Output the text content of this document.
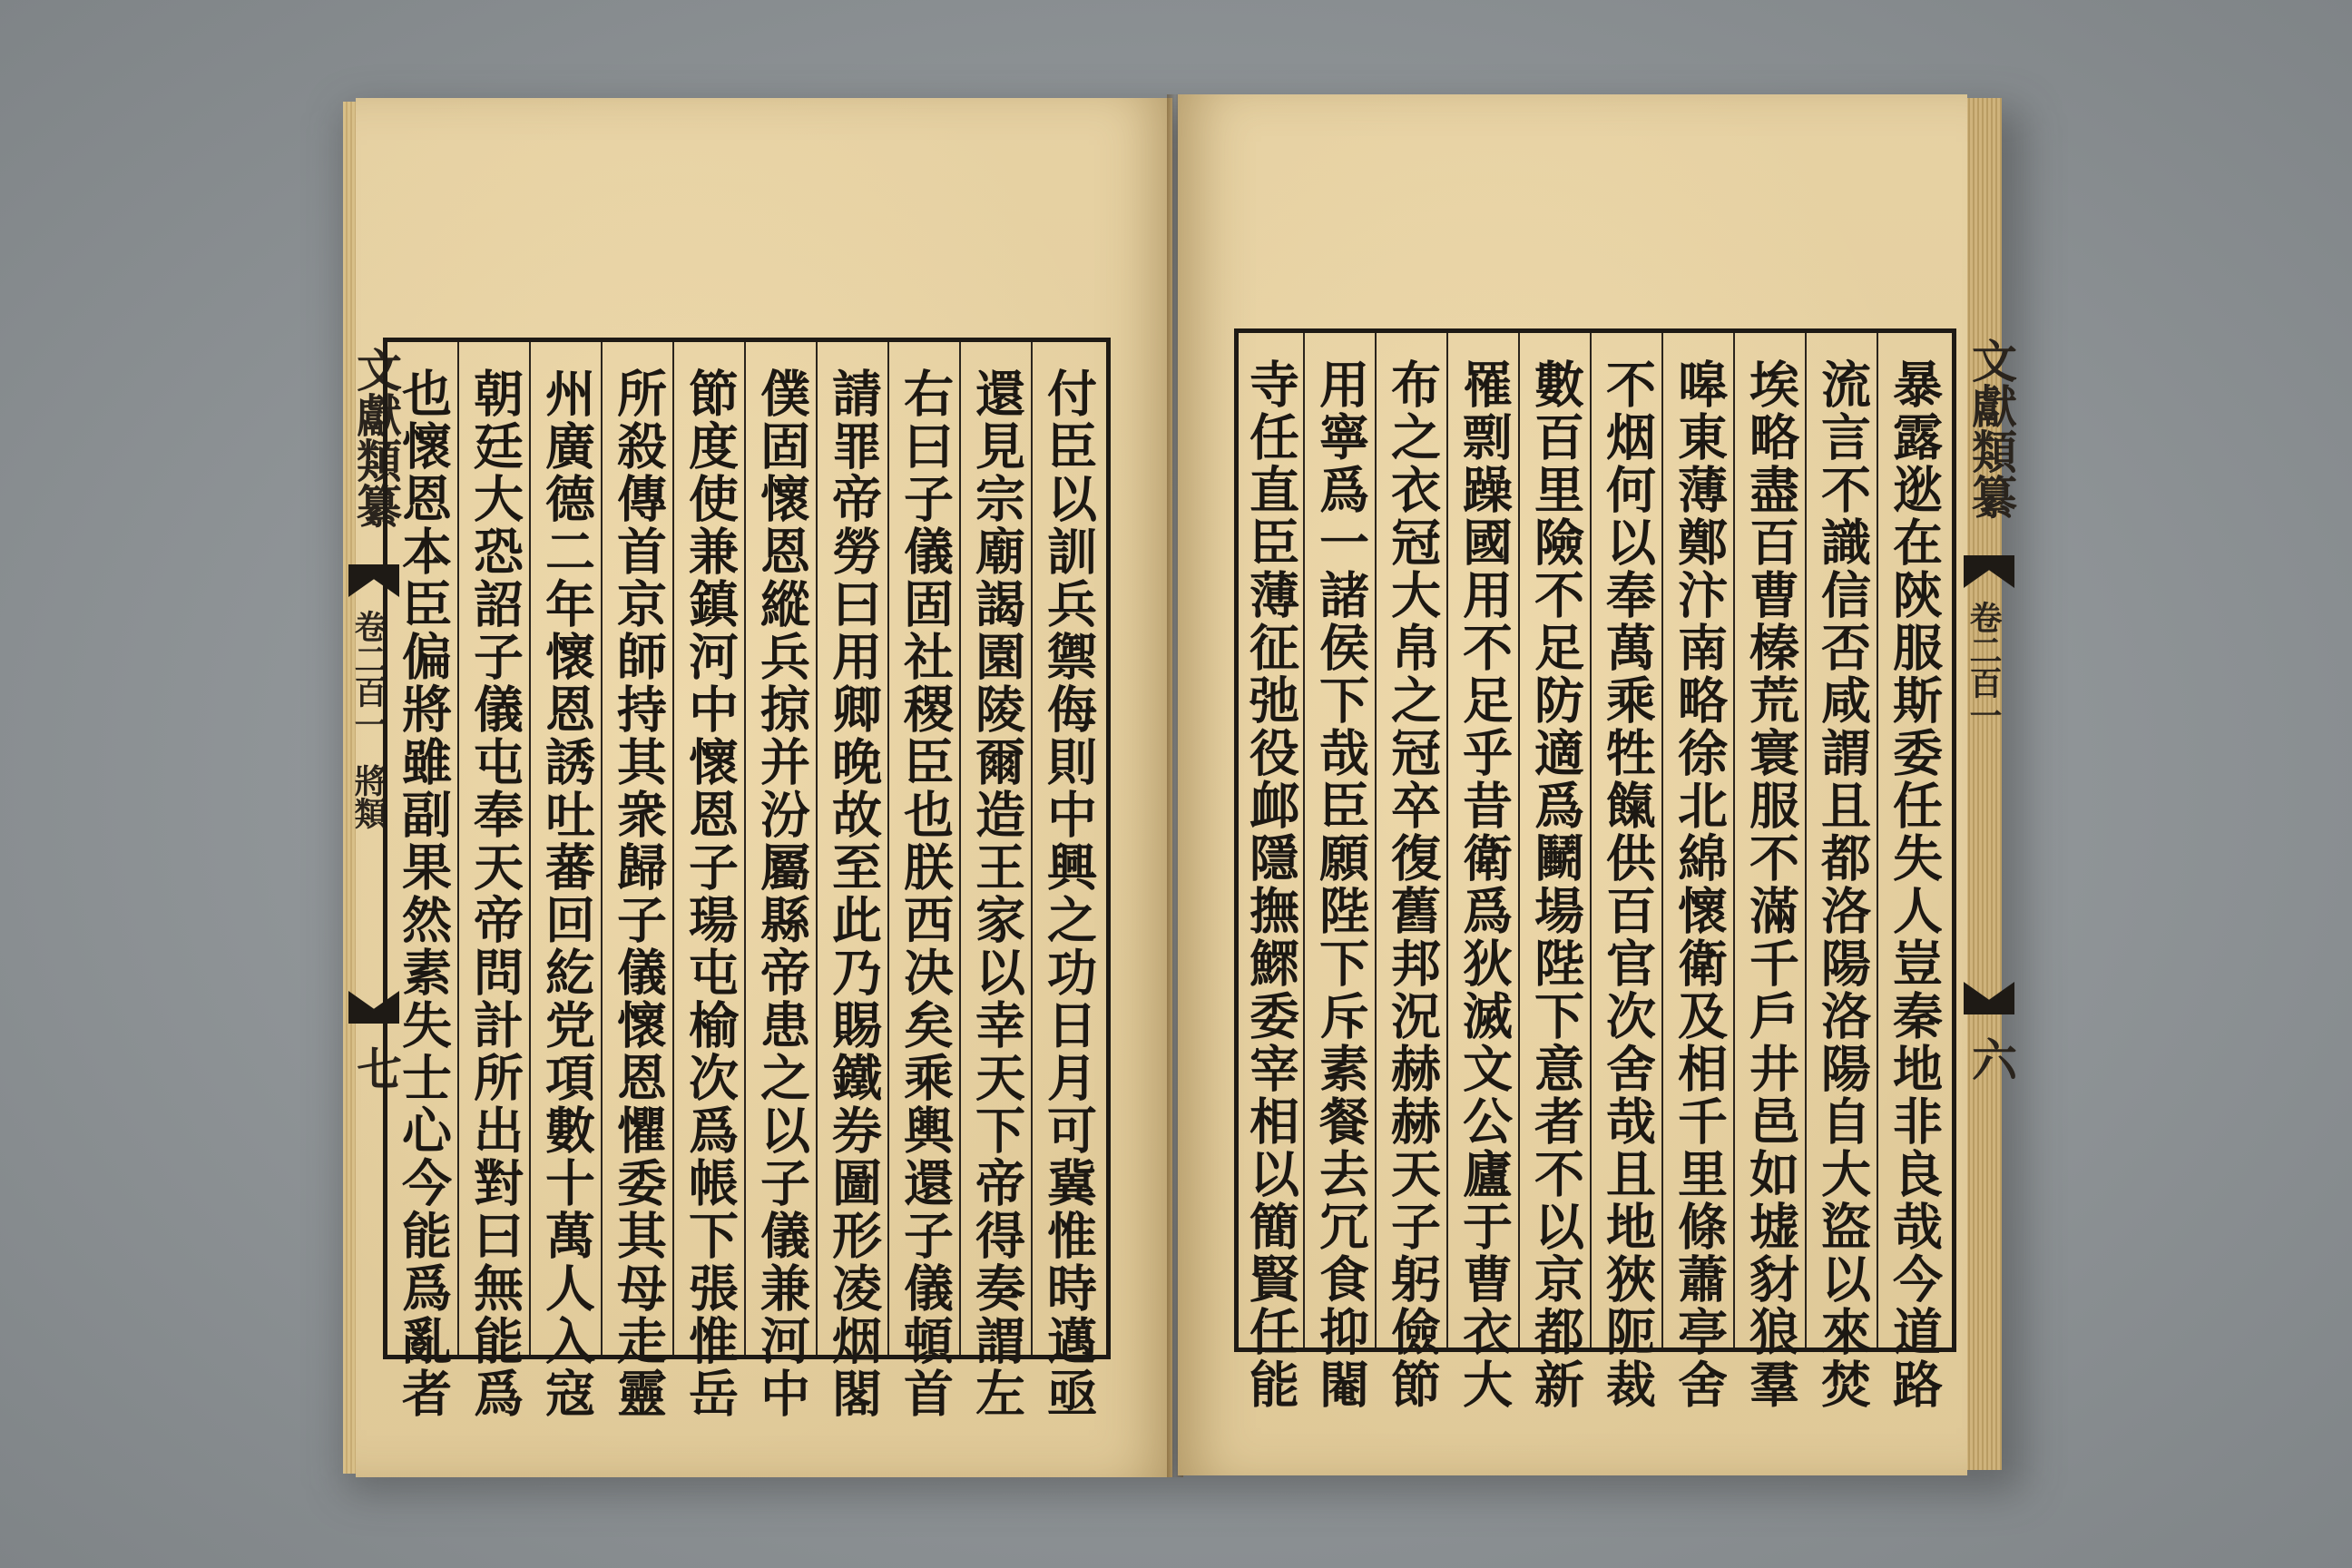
文獻類纂
卷二百一
將類
七	付臣以訓兵禦侮則中興之功日月可冀惟時邁亟
還見宗廟謁園陵爾造王家以幸天下帝得奏謂左
右曰子儀固社稷臣也朕西决矣乘輿還子儀頓首
請罪帝勞曰用卿晚故至此乃賜鐵券圖形凌烟閣
僕固懷恩縱兵掠并汾屬縣帝患之以子儀兼河中
節度使兼鎮河中懷恩子瑒屯榆次爲帳下張惟岳
所殺傳首京師持其衆歸子儀懷恩懼委其母走靈
州廣德二年懷恩誘吐蕃回紇党項數十萬人入寇
朝廷大恐詔子儀屯奉天帝問計所出對曰無能爲
也懷恩本臣偏將雖副果然素失士心今能爲亂者	暴露逖在陝服斯委任失人豈秦地非良哉今道路
流言不識信否咸謂且都洛陽洛陽自大盜以來焚
埃略盡百曹榛荒寰服不滿千戶井邑如墟豺狼羣
嗥東薄鄭汴南略徐北綿懷衛及相千里條蕭亭舍
不烟何以奉萬乘牲餼供百官次舍哉且地狹阨裁
數百里險不足防適爲鬭場陛下意者不以京都新
罹剽躁國用不足乎昔衛爲狄滅文公廬于曹衣大
布之衣冠大帛之冠卒復舊邦況赫赫天子躬儉節
用寧爲一諸侯下哉臣願陛下斥素餐去冗食抑閹
寺任直臣薄征弛役䘏隱撫鰥委宰相以簡賢任能	文獻類纂
卷二百一
六
